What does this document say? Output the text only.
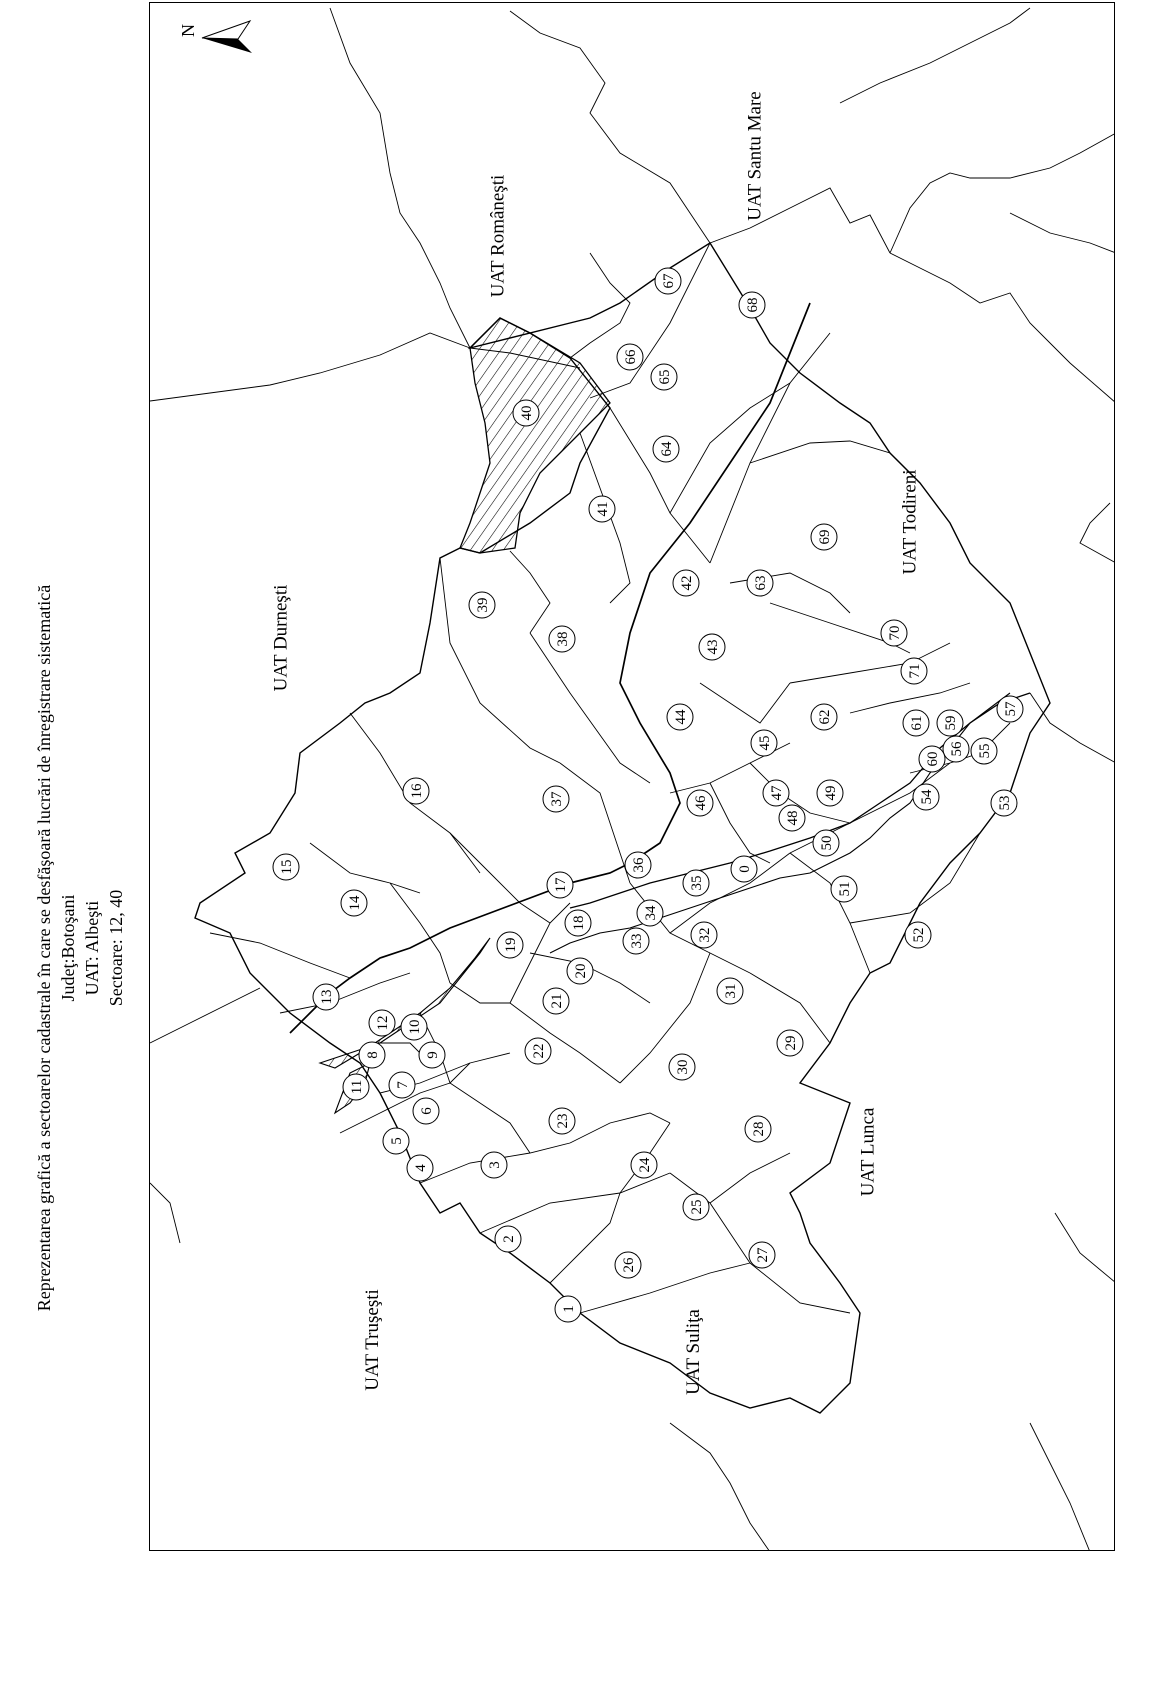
N
1
2
3
4
5
6
7
8	9
10
11
12
13
14
15
16
17
18
19
20
21
22
23
24
25
26
27
28
29
30
31
32
33
34
35
36
37
38
39
40
41
42
43
44
45
46
47
48
49
50
51
52
53
54
55
56
57
59
60
61
62
63
64
65
66
67
68
69
70
71
0
UAT Româneşti
UAT Santu Mare
UAT Todireni
UAT Durneşti
UAT Lunca
UAT Truşeşti	UAT Suliţa
Reprezentarea grafică a sectoarelor cadastrale în care se desfăşoară lucrări de înregistrare sistematică Judeţ:Botoşani UAT: Albeşti Sectoare: 12, 40
